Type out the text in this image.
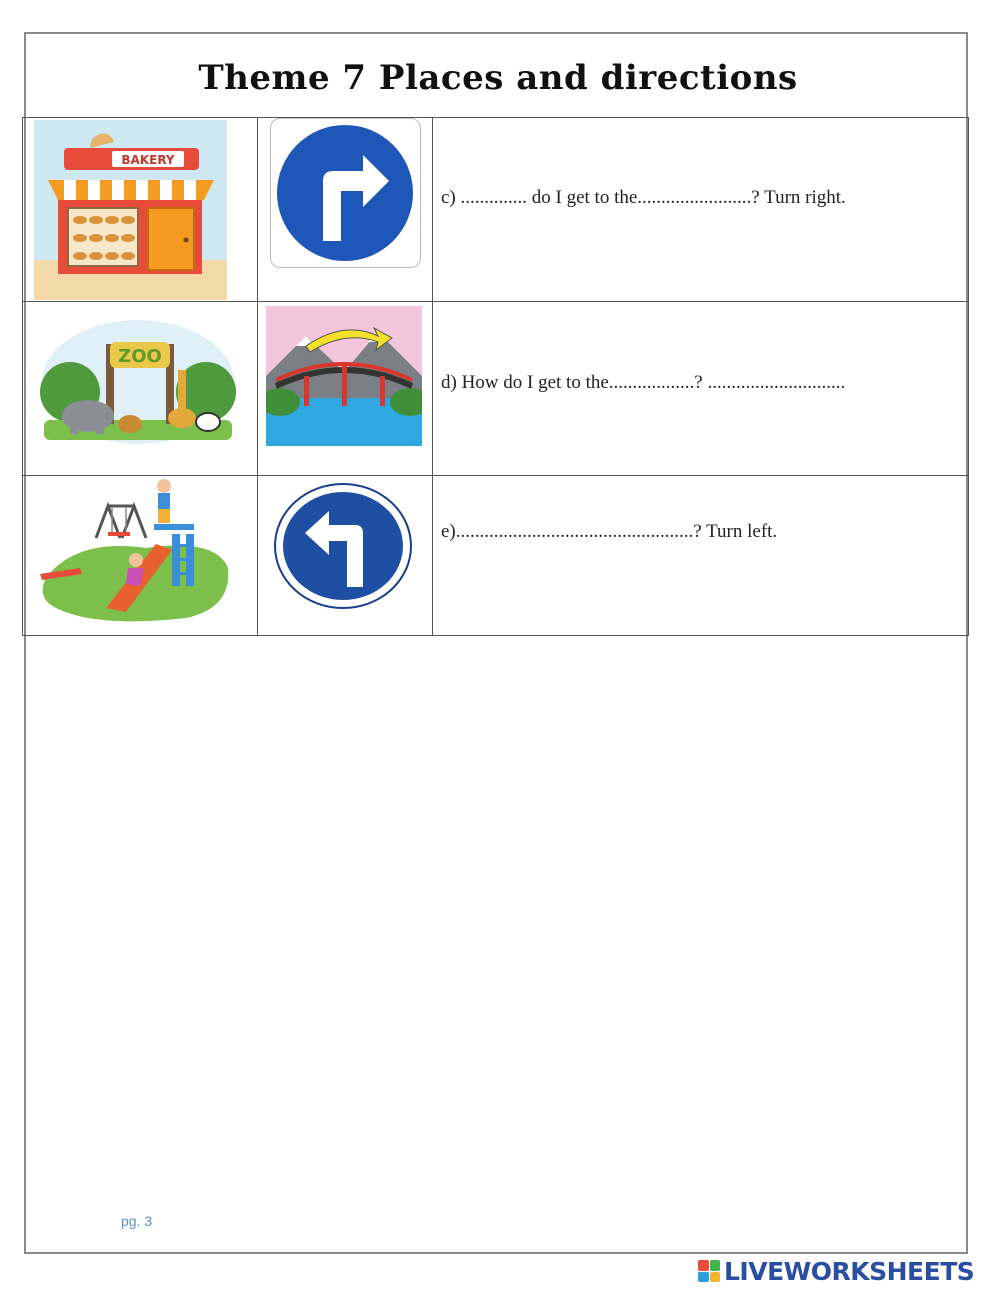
Theme 7 Places and directions
BAKERY
c) .............. do I get to the........................? Turn right.
ZOO
d) How do I get to the..................? .............................
e)..................................................? Turn left.
pg. 3
LIVEWORKSHEETS
